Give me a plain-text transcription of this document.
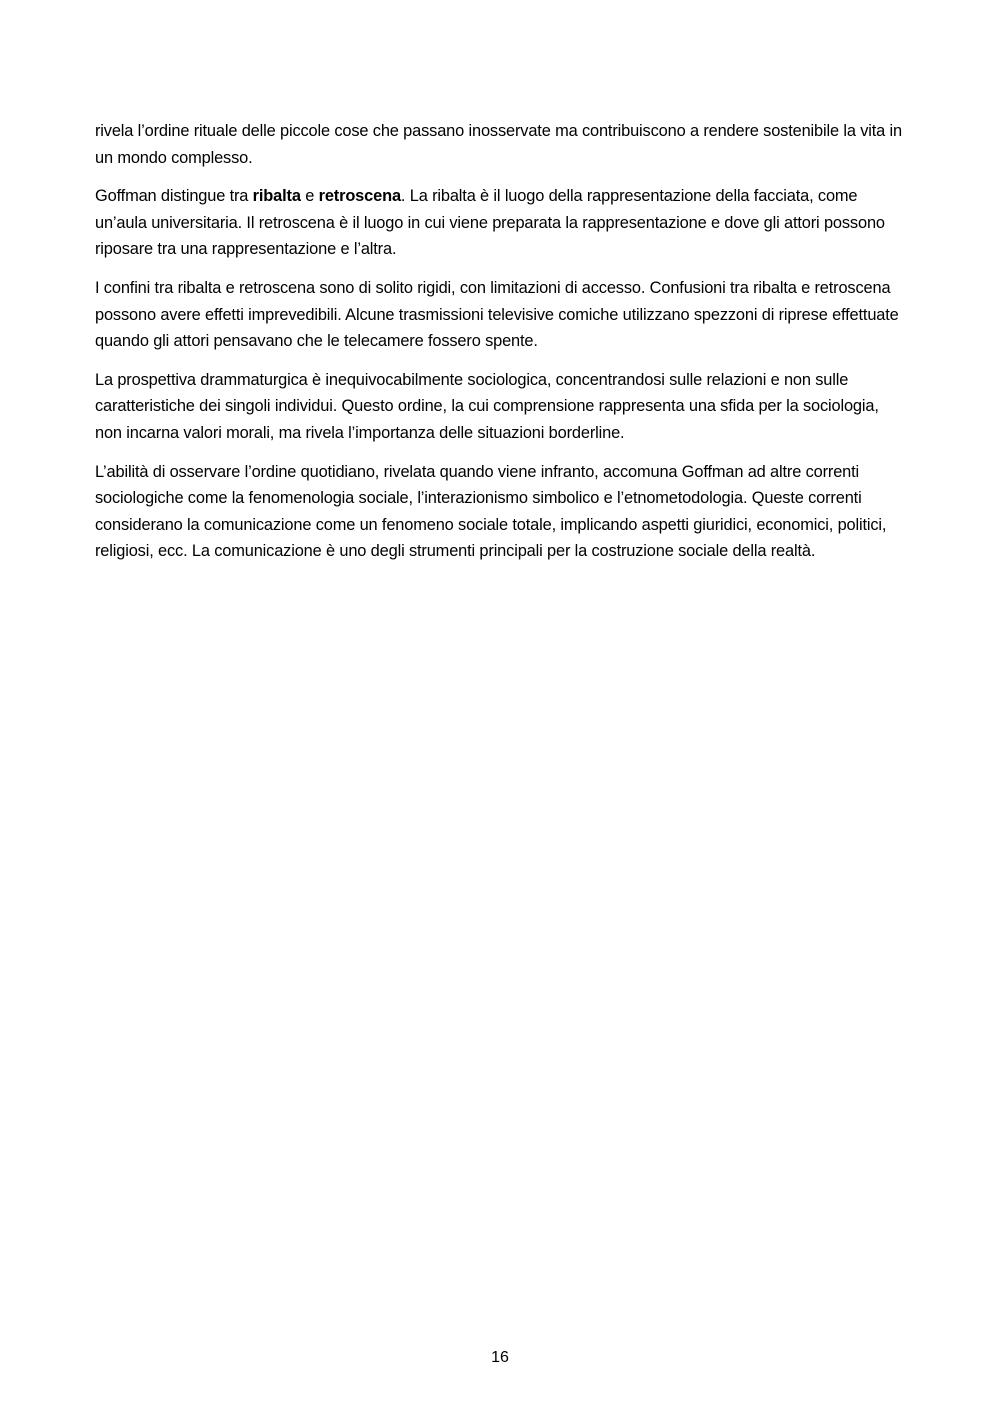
rivela l’ordine rituale delle piccole cose che passano inosservate ma contribuiscono a rendere sostenibile la vita in un mondo complesso.

Goffman distingue tra ribalta e retroscena. La ribalta è il luogo della rappresentazione della facciata, come un’aula universitaria. Il retroscena è il luogo in cui viene preparata la rappresentazione e dove gli attori possono riposare tra una rappresentazione e l’altra.

I confini tra ribalta e retroscena sono di solito rigidi, con limitazioni di accesso. Confusioni tra ribalta e retroscena possono avere effetti imprevedibili. Alcune trasmissioni televisive comiche utilizzano spezzoni di riprese effettuate quando gli attori pensavano che le telecamere fossero spente.

La prospettiva drammaturgica è inequivocabilmente sociologica, concentrandosi sulle relazioni e non sulle caratteristiche dei singoli individui. Questo ordine, la cui comprensione rappresenta una sfida per la sociologia, non incarna valori morali, ma rivela l’importanza delle situazioni borderline.

L’abilità di osservare l’ordine quotidiano, rivelata quando viene infranto, accomuna Goffman ad altre correnti sociologiche come la fenomenologia sociale, l’interazionismo simbolico e l’etnometodologia. Queste correnti considerano la comunicazione come un fenomeno sociale totale, implicando aspetti giuridici, economici, politici, religiosi, ecc. La comunicazione è uno degli strumenti principali per la costruzione sociale della realtà.

16
